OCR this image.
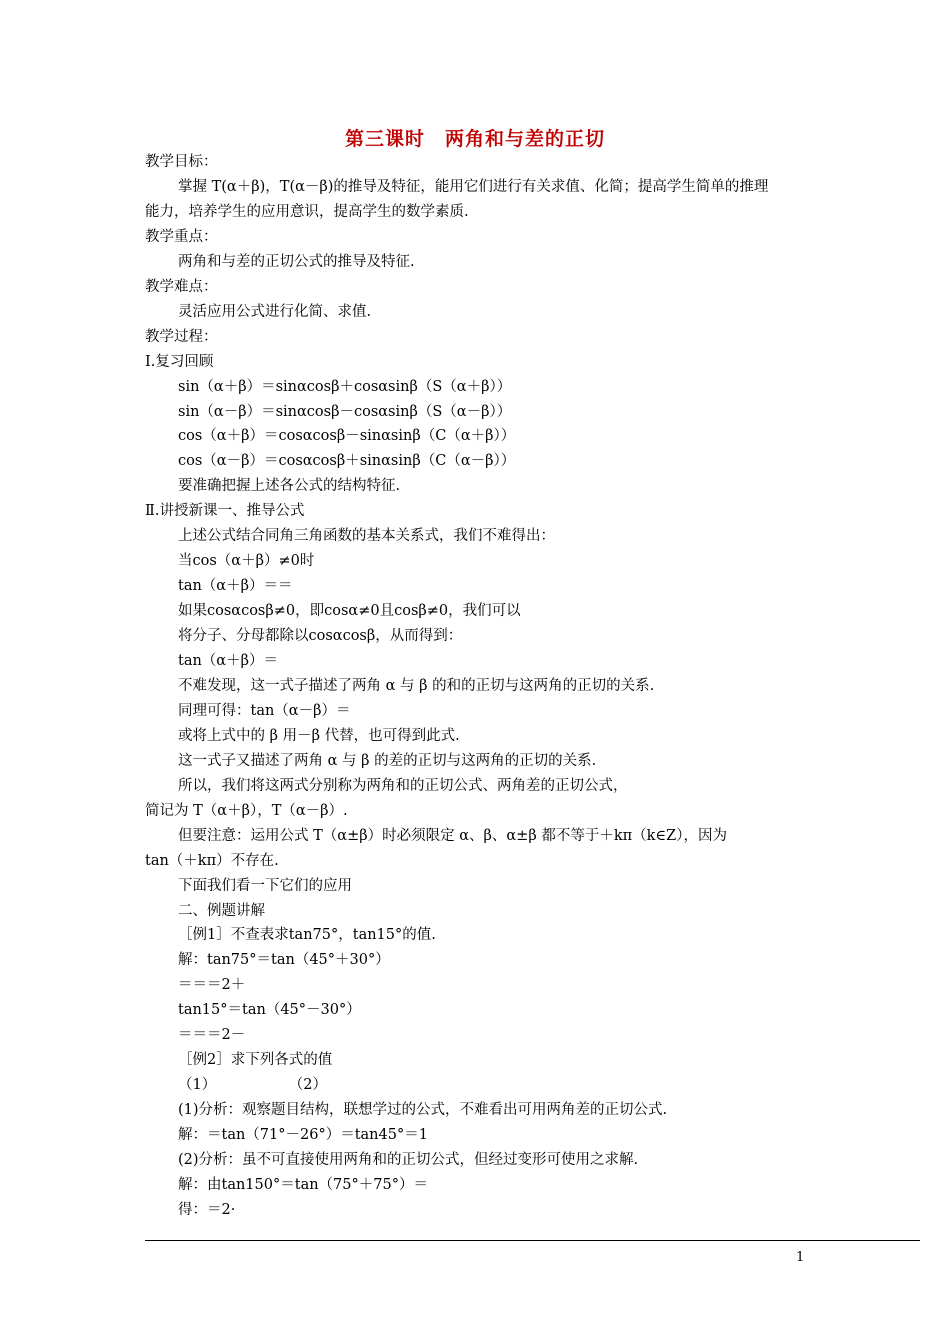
第三课时　两角和与差的正切
教学目标：
掌握 T(α＋β)，T(α－β)的推导及特征，能用它们进行有关求值、化简；提高学生简单的推理
能力，培养学生的应用意识，提高学生的数学素质.
教学重点：
两角和与差的正切公式的推导及特征.
教学难点：
灵活应用公式进行化简、求值.
教学过程：
Ⅰ.复习回顾
sin（α＋β）＝sinαcosβ＋cosαsinβ（S（α＋β））
sin（α－β）＝sinαcosβ－cosαsinβ（S（α－β））
cos（α＋β）＝cosαcosβ－sinαsinβ（C（α＋β））
cos（α－β）＝cosαcosβ＋sinαsinβ（C（α－β））
要准确把握上述各公式的结构特征.
Ⅱ.讲授新课一、推导公式
上述公式结合同角三角函数的基本关系式，我们不难得出：
当cos（α＋β）≠0时
tan（α＋β）＝＝
如果cosαcosβ≠0，即cosα≠0且cosβ≠0，我们可以
将分子、分母都除以cosαcosβ，从而得到：
tan（α＋β）＝
不难发现，这一式子描述了两角 α 与 β 的和的正切与这两角的正切的关系.
同理可得：tan（α－β）＝
或将上式中的 β 用－β 代替，也可得到此式.
这一式子又描述了两角 α 与 β 的差的正切与这两角的正切的关系.
所以，我们将这两式分别称为两角和的正切公式、两角差的正切公式，
简记为 T（α＋β），T（α－β）.
但要注意：运用公式 T（α±β）时必须限定 α、β、α±β 都不等于＋kπ（k∈Z），因为
tan（＋kπ）不存在.
下面我们看一下它们的应用
二、例题讲解
［例1］不查表求tan75°，tan15°的值.
解：tan75°＝tan（45°＋30°）
＝＝＝2＋
tan15°＝tan（45°－30°）
＝＝＝2－
［例2］求下列各式的值
（1）　　　　　　（2）
(1)分析：观察题目结构，联想学过的公式，不难看出可用两角差的正切公式.
解：＝tan（71°－26°）＝tan45°＝1
(2)分析：虽不可直接使用两角和的正切公式，但经过变形可使用之求解.
解：由tan150°＝tan（75°＋75°）＝
得：＝2·
1
